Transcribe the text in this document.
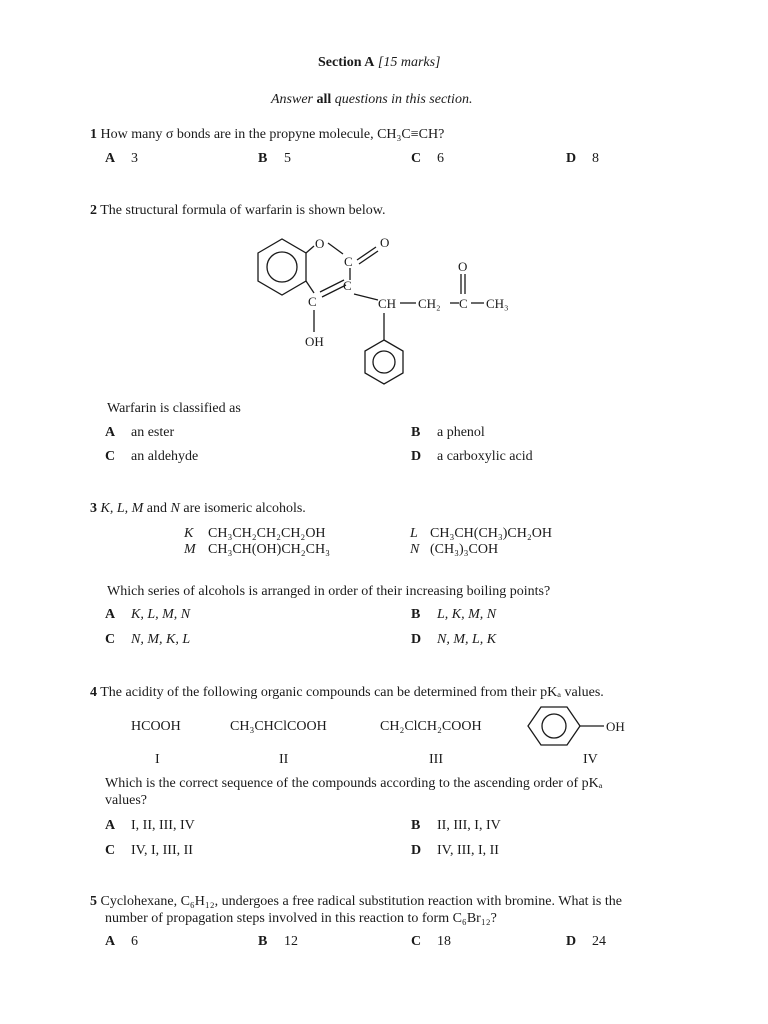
Section A [15 marks]
Answer all questions in this section.
1 How many σ bonds are in the propyne molecule, CH₃C≡CH?
A 3	B 5	C 6	D 8
2 The structural formula of warfarin is shown below.
O	O
C
C
C
OH
CH CH₂ C
O
CH₃
Warfarin is classified as
A an ester	B a phenol
C an aldehyde	D a carboxylic acid
3 K, L, M and N are isomeric alcohols.
K CH₃CH₂CH₂CH₂OH	L CH₃CH(CH₃)CH₂OH
M CH₃CH(OH)CH₂CH₃	N (CH₃)₃COH
Which series of alcohols is arranged in order of their increasing boiling points?
A K, L, M, N	B L, K, M, N
C N, M, K, L	D N, M, L, K
4 The acidity of the following organic compounds can be determined from their pKₐ values.
HCOOH	CH₃CHClCOOH	CH₂ClCH₂COOH	OH
I	II	III	IV
Which is the correct sequence of the compounds according to the ascending order of pKₐ
values?
A I, II, III, IV	B II, III, I, IV
C IV, I, III, II	D IV, III, I, II
5 Cyclohexane, C₆H₁₂, undergoes a free radical substitution reaction with bromine. What is the
number of propagation steps involved in this reaction to form C₆Br₁₂?
A 6	B 12	C 18	D 24
